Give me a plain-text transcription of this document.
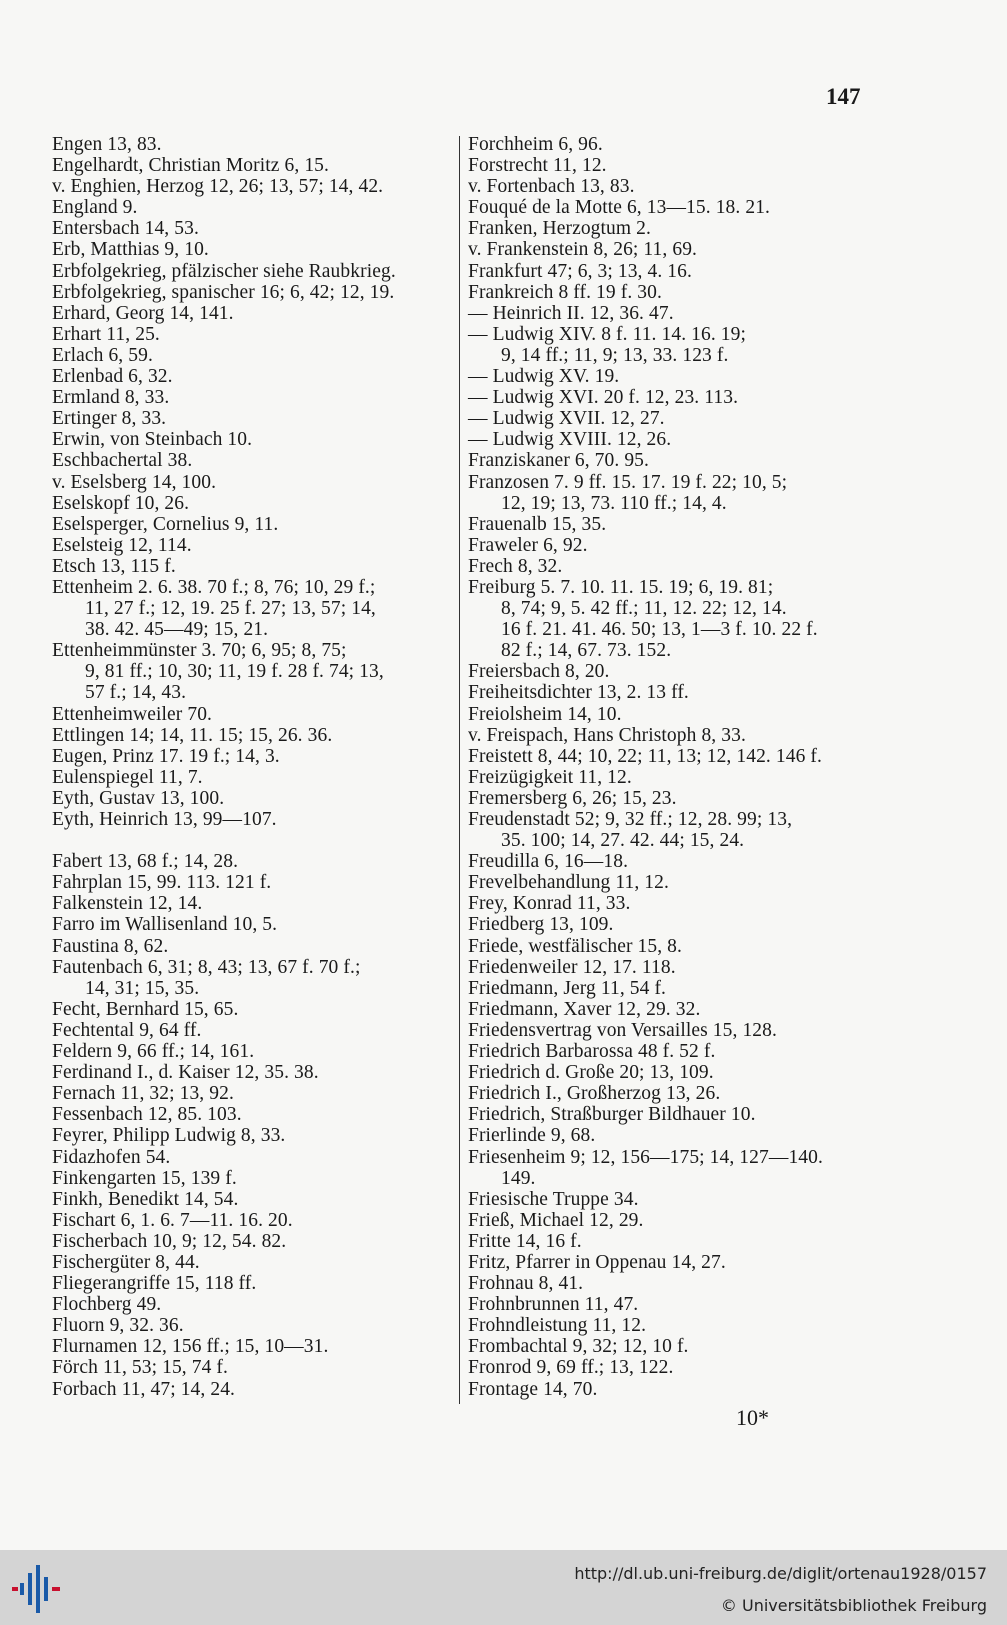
147
Engen 13, 83.
Engelhardt, Christian Moritz 6, 15.
v. Enghien, Herzog 12, 26; 13, 57; 14, 42.
England 9.
Entersbach 14, 53.
Erb, Matthias 9, 10.
Erbfolgekrieg, pfälzischer siehe Raubkrieg.
Erbfolgekrieg, spanischer 16; 6, 42; 12, 19.
Erhard, Georg 14, 141.
Erhart 11, 25.
Erlach 6, 59.
Erlenbad 6, 32.
Ermland 8, 33.
Ertinger 8, 33.
Erwin, von Steinbach 10.
Eschbachertal 38.
v. Eselsberg 14, 100.
Eselskopf 10, 26.
Eselsperger, Cornelius 9, 11.
Eselsteig 12, 114.
Etsch 13, 115 f.
Ettenheim 2. 6. 38. 70 f.; 8, 76; 10, 29 f.;
11, 27 f.; 12, 19. 25 f. 27; 13, 57; 14,
38. 42. 45—49; 15, 21.
Ettenheimmünster 3. 70; 6, 95; 8, 75;
9, 81 ff.; 10, 30; 11, 19 f. 28 f. 74; 13,
57 f.; 14, 43.
Ettenheimweiler 70.
Ettlingen 14; 14, 11. 15; 15, 26. 36.
Eugen, Prinz 17. 19 f.; 14, 3.
Eulenspiegel 11, 7.
Eyth, Gustav 13, 100.
Eyth, Heinrich 13, 99—107.
Fabert 13, 68 f.; 14, 28.
Fahrplan 15, 99. 113. 121 f.
Falkenstein 12, 14.
Farro im Wallisenland 10, 5.
Faustina 8, 62.
Fautenbach 6, 31; 8, 43; 13, 67 f. 70 f.;
14, 31; 15, 35.
Fecht, Bernhard 15, 65.
Fechtental 9, 64 ff.
Feldern 9, 66 ff.; 14, 161.
Ferdinand I., d. Kaiser 12, 35. 38.
Fernach 11, 32; 13, 92.
Fessenbach 12, 85. 103.
Feyrer, Philipp Ludwig 8, 33.
Fidazhofen 54.
Finkengarten 15, 139 f.
Finkh, Benedikt 14, 54.
Fischart 6, 1. 6. 7—11. 16. 20.
Fischerbach 10, 9; 12, 54. 82.
Fischergüter 8, 44.
Fliegerangriffe 15, 118 ff.
Flochberg 49.
Fluorn 9, 32. 36.
Flurnamen 12, 156 ff.; 15, 10—31.
Förch 11, 53; 15, 74 f.
Forbach 11, 47; 14, 24.
Forchheim 6, 96.
Forstrecht 11, 12.
v. Fortenbach 13, 83.
Fouqué de la Motte 6, 13—15. 18. 21.
Franken, Herzogtum 2.
v. Frankenstein 8, 26; 11, 69.
Frankfurt 47; 6, 3; 13, 4. 16.
Frankreich 8 ff. 19 f. 30.
— Heinrich II. 12, 36. 47.
— Ludwig XIV. 8 f. 11. 14. 16. 19;
9, 14 ff.; 11, 9; 13, 33. 123 f.
— Ludwig XV. 19.
— Ludwig XVI. 20 f. 12, 23. 113.
— Ludwig XVII. 12, 27.
— Ludwig XVIII. 12, 26.
Franziskaner 6, 70. 95.
Franzosen 7. 9 ff. 15. 17. 19 f. 22; 10, 5;
12, 19; 13, 73. 110 ff.; 14, 4.
Frauenalb 15, 35.
Fraweler 6, 92.
Frech 8, 32.
Freiburg 5. 7. 10. 11. 15. 19; 6, 19. 81;
8, 74; 9, 5. 42 ff.; 11, 12. 22; 12, 14.
16 f. 21. 41. 46. 50; 13, 1—3 f. 10. 22 f.
82 f.; 14, 67. 73. 152.
Freiersbach 8, 20.
Freiheitsdichter 13, 2. 13 ff.
Freiolsheim 14, 10.
v. Freispach, Hans Christoph 8, 33.
Freistett 8, 44; 10, 22; 11, 13; 12, 142. 146 f.
Freizügigkeit 11, 12.
Fremersberg 6, 26; 15, 23.
Freudenstadt 52; 9, 32 ff.; 12, 28. 99; 13,
35. 100; 14, 27. 42. 44; 15, 24.
Freudilla 6, 16—18.
Frevelbehandlung 11, 12.
Frey, Konrad 11, 33.
Friedberg 13, 109.
Friede, westfälischer 15, 8.
Friedenweiler 12, 17. 118.
Friedmann, Jerg 11, 54 f.
Friedmann, Xaver 12, 29. 32.
Friedensvertrag von Versailles 15, 128.
Friedrich Barbarossa 48 f. 52 f.
Friedrich d. Große 20; 13, 109.
Friedrich I., Großherzog 13, 26.
Friedrich, Straßburger Bildhauer 10.
Frierlinde 9, 68.
Friesenheim 9; 12, 156—175; 14, 127—140.
149.
Friesische Truppe 34.
Frieß, Michael 12, 29.
Fritte 14, 16 f.
Fritz, Pfarrer in Oppenau 14, 27.
Frohnau 8, 41.
Frohnbrunnen 11, 47.
Frohndleistung 11, 12.
Frombachtal 9, 32; 12, 10 f.
Fronrod 9, 69 ff.; 13, 122.
Frontage 14, 70.
10*
http://dl.ub.uni-freiburg.de/diglit/ortenau1928/0157
© Universitätsbibliothek Freiburg
